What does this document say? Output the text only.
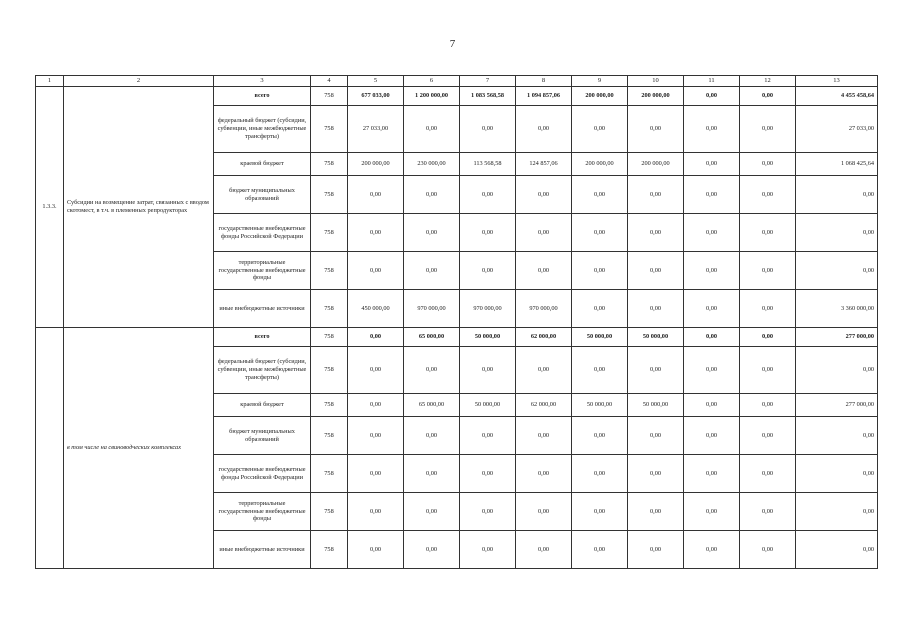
7
1	2	3	4	5	6	7	8	9	10	11	12	13
1.3.3.	Субсидии на возмещение затрат, связанных с вводом скотомест, в т.ч. в племенных репродукторах	всего	758	677 033,00	1 200 000,00	1 083 568,58	1 094 857,06	200 000,00	200 000,00	0,00	0,00	4 455 458,64
		федеральный бюджет (субсидии, субвенции, иные межбюджетные трансферты)	758	27 033,00	0,00	0,00	0,00	0,00	0,00	0,00	0,00	27 033,00
		краевой бюджет	758	200 000,00	230 000,00	113 568,58	124 857,06	200 000,00	200 000,00	0,00	0,00	1 068 425,64
		бюджет муниципальных образований	758	0,00	0,00	0,00	0,00	0,00	0,00	0,00	0,00	0,00
		государственные внебюджетные фонды Российской Федерации	758	0,00	0,00	0,00	0,00	0,00	0,00	0,00	0,00	0,00
		территориальные государственные внебюджетные фонды	758	0,00	0,00	0,00	0,00	0,00	0,00	0,00	0,00	0,00
		иные внебюджетные источники	758	450 000,00	970 000,00	970 000,00	970 000,00	0,00	0,00	0,00	0,00	3 360 000,00
	в том числе на свиноводческих комплексах	всего	758	0,00	65 000,00	50 000,00	62 000,00	50 000,00	50 000,00	0,00	0,00	277 000,00
		федеральный бюджет (субсидии, субвенции, иные межбюджетные трансферты)	758	0,00	0,00	0,00	0,00	0,00	0,00	0,00	0,00	0,00
		краевой бюджет	758	0,00	65 000,00	50 000,00	62 000,00	50 000,00	50 000,00	0,00	0,00	277 000,00
		бюджет муниципальных образований	758	0,00	0,00	0,00	0,00	0,00	0,00	0,00	0,00	0,00
		государственные внебюджетные фонды Российской Федерации	758	0,00	0,00	0,00	0,00	0,00	0,00	0,00	0,00	0,00
		территориальные государственные внебюджетные фонды	758	0,00	0,00	0,00	0,00	0,00	0,00	0,00	0,00	0,00
		иные внебюджетные источники	758	0,00	0,00	0,00	0,00	0,00	0,00	0,00	0,00	0,00
